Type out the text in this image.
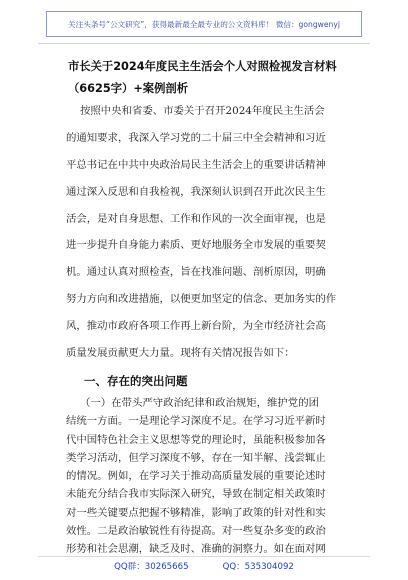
关注头条号“公文研究”，获得最新最全最专业的公文资料库！ 微信：gongwenyj
市长关于2024年度民主生活会个人对照检视发言材料
（6625字）+案例剖析
按照中央和省委、市委关于召开2024年度民主生活会
的通知要求，我深入学习党的二十届三中全会精神和习近
平总书记在中共中央政治局民主生活会上的重要讲话精神
通过深入反思和自我检视，我深刻认识到召开此次民主生
活会，是对自身思想、工作和作风的一次全面审视，也是
进一步提升自身能力素质、更好地服务全市发展的重要契
机。通过认真对照检查，旨在找准问题、剖析原因，明确
努力方向和改进措施，以便更加坚定的信念、更加务实的作
风，推动市政府各项工作再上新台阶，为全市经济社会高
质量发展贡献更大力量。现将有关情况报告如下：
一、存在的突出问题
（一）在带头严守政治纪律和政治规矩，维护党的团
结统一方面。一是理论学习深度不足。在学习习近平新时
代中国特色社会主义思想等党的理论时，虽能积极参加各
类学习活动，但学习深度不够，存在一知半解、浅尝辄止
的情况。例如，在学习关于推动高质量发展的重要论述时
未能充分结合我市实际深入研究，导致在制定相关政策时
对一些关键要点把握不够精准，影响了政策的针对性和实
效性。二是政治敏锐性有待提高。对一些复杂多变的政治
形势和社会思潮，缺乏及时、准确的洞察力。如在面对网
QQ群：30265665	QQ：535304092
